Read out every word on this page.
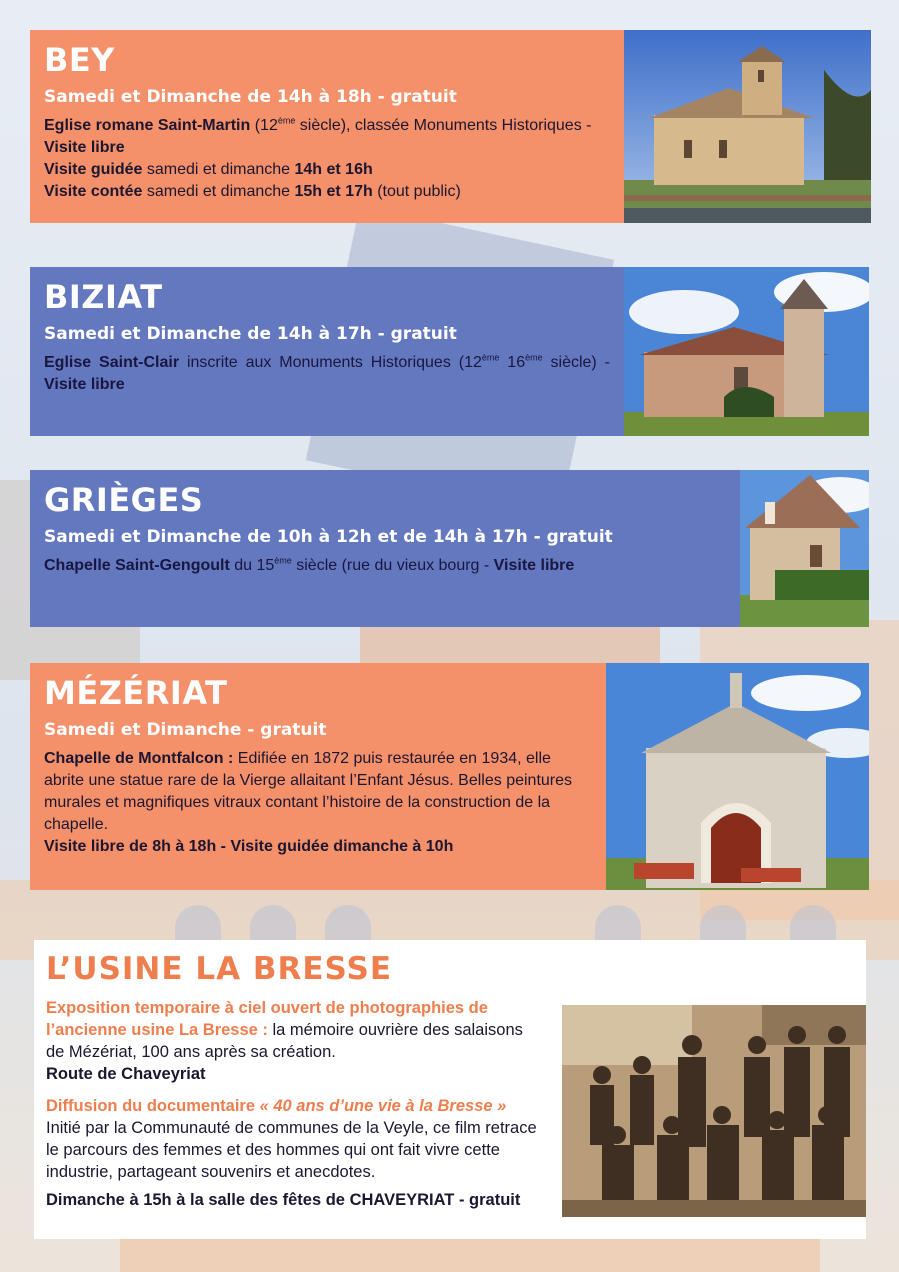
BEY
Samedi et Dimanche de 14h à 18h - gratuit
Eglise romane Saint-Martin (12ème siècle), classée Monuments Historiques - Visite libre
Visite guidée samedi et dimanche 14h et 16h
Visite contée samedi et dimanche 15h et 17h (tout public)
BIZIAT
Samedi et Dimanche de 14h à 17h - gratuit
Eglise Saint-Clair inscrite aux Monuments Historiques (12ème 16ème siècle) - Visite libre
GRIÈGES
Samedi et Dimanche de 10h à 12h et de 14h à 17h - gratuit
Chapelle Saint-Gengoult du 15ème siècle (rue du vieux bourg - Visite libre
MÉZÉRIAT
Samedi et Dimanche - gratuit
Chapelle de Montfalcon : Edifiée en 1872 puis restaurée en 1934, elle abrite une statue rare de la Vierge allaitant l’Enfant Jésus. Belles peintures murales et magnifiques vitraux contant l’histoire de la construction de la chapelle.
Visite libre de 8h à 18h - Visite guidée dimanche à 10h
L’USINE LA BRESSE
Exposition temporaire à ciel ouvert de photographies de l’ancienne usine La Bresse : la mémoire ouvrière des salaisons de Mézériat, 100 ans après sa création.
Route de Chaveyriat
Diffusion du documentaire « 40 ans d’une vie à la Bresse »
Initié par la Communauté de communes de la Veyle, ce film retrace le parcours des femmes et des hommes qui ont fait vivre cette industrie, partageant souvenirs et anecdotes.
Dimanche à 15h à la salle des fêtes de CHAVEYRIAT - gratuit
